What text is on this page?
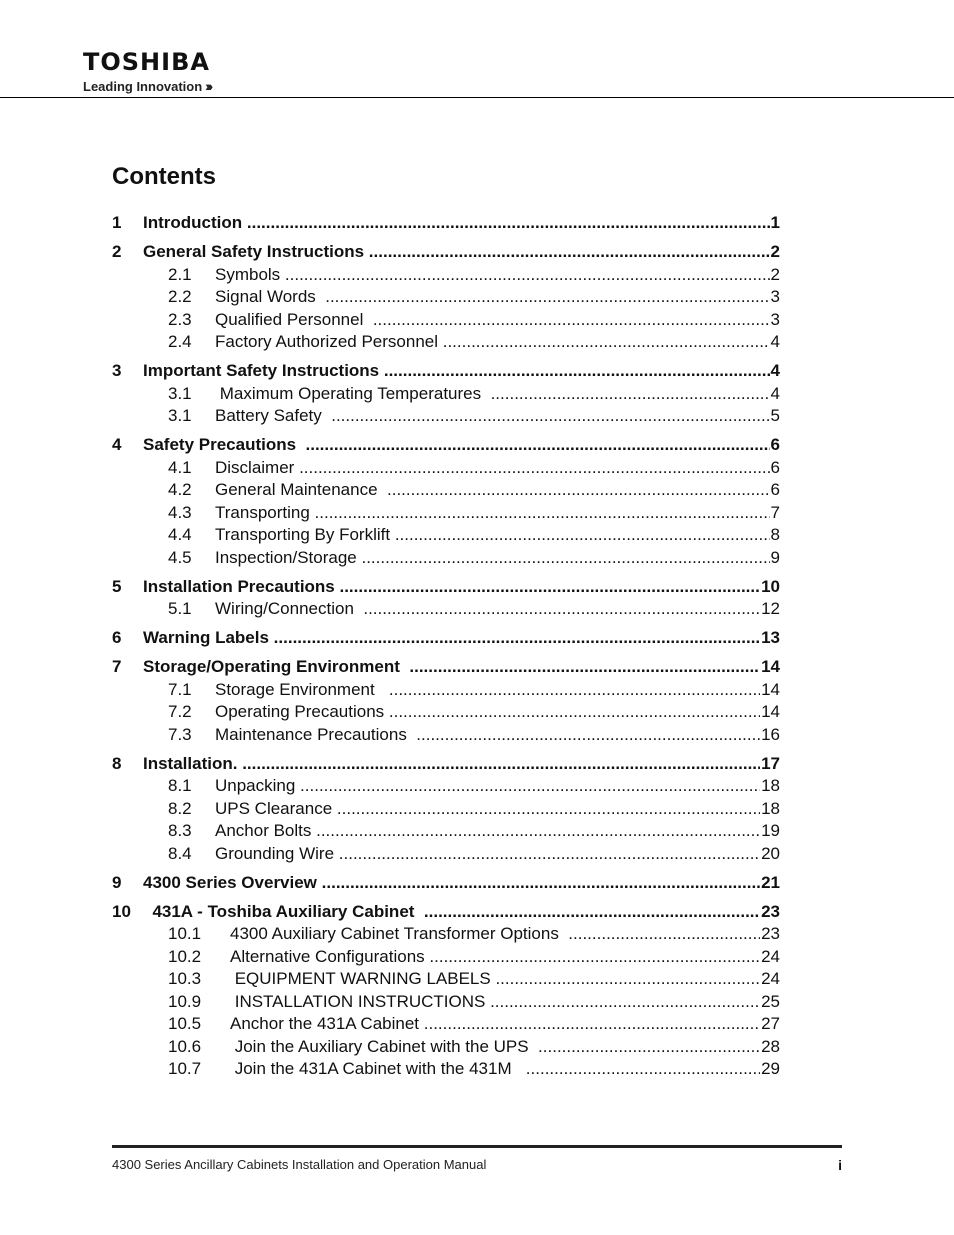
TOSHIBA
Leading Innovation ›››
Contents
1 Introduction .....	1
2 General Safety Instructions .....	2
2.1 Symbols .....	2
2.2 Signal Words  .....	3
2.3 Qualified Personnel  .....	3
2.4 Factory Authorized Personnel .....	4
3 Important Safety Instructions .....	4
3.1 Maximum Operating Temperatures  .....	4
3.1 Battery Safety  .....	5
4 Safety Precautions  .....	6
4.1 Disclaimer .....	6
4.2 General Maintenance  .....	6
4.3 Transporting .....	7
4.4 Transporting By Forklift .....	8
4.5 Inspection/Storage .....	9
5 Installation Precautions .....	10
5.1 Wiring/Connection  .....	12
6 Warning Labels .....	13
7 Storage/Operating Environment  .....	14
7.1 Storage Environment   .....	14
7.2 Operating Precautions .....	14
7.3 Maintenance Precautions  .....	16
8 Installation. .....	17
8.1 Unpacking .....	18
8.2 UPS Clearance .....	18
8.3 Anchor Bolts .....	19
8.4 Grounding Wire .....	20
9 4300 Series Overview .....	21
10 431A - Toshiba Auxiliary Cabinet  .....	23
10.1 4300 Auxiliary Cabinet Transformer Options  .....	23
10.2 Alternative Configurations .....	24
10.3 EQUIPMENT WARNING LABELS .....	24
10.9 INSTALLATION INSTRUCTIONS .....	25
10.5 Anchor the 431A Cabinet .....	27
10.6 Join the Auxiliary Cabinet with the UPS  .....	28
10.7 Join the 431A Cabinet with the 431M   .....	29
4300 Series Ancillary Cabinets Installation and Operation Manual	i
